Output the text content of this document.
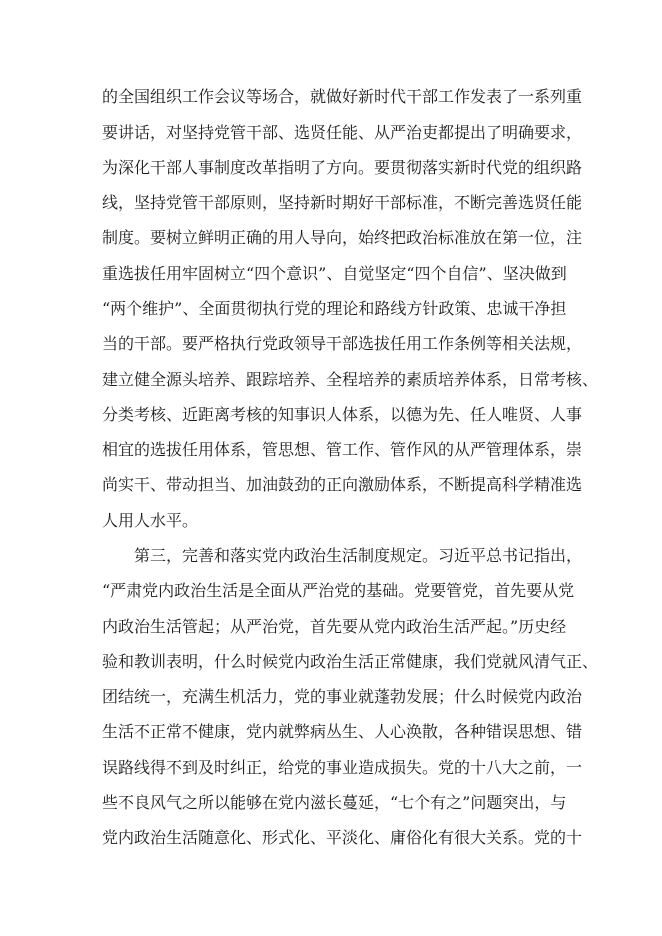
的全国组织工作会议等场合，就做好新时代干部工作发表了一系列重
要讲话，对坚持党管干部、选贤任能、从严治吏都提出了明确要求，
为深化干部人事制度改革指明了方向。要贯彻落实新时代党的组织路
线，坚持党管干部原则，坚持新时期好干部标准，不断完善选贤任能
制度。要树立鲜明正确的用人导向，始终把政治标准放在第一位，注
重选拔任用牢固树立“四个意识”、自觉坚定“四个自信”、坚决做到
“两个维护”、全面贯彻执行党的理论和路线方针政策、忠诚干净担
当的干部。要严格执行党政领导干部选拔任用工作条例等相关法规，
建立健全源头培养、跟踪培养、全程培养的素质培养体系，日常考核、
分类考核、近距离考核的知事识人体系，以德为先、任人唯贤、人事
相宜的选拔任用体系，管思想、管工作、管作风的从严管理体系，崇
尚实干、带动担当、加油鼓劲的正向激励体系，不断提高科学精准选
人用人水平。
第三，完善和落实党内政治生活制度规定。习近平总书记指出，
“严肃党内政治生活是全面从严治党的基础。党要管党，首先要从党
内政治生活管起；从严治党，首先要从党内政治生活严起。”历史经
验和教训表明，什么时候党内政治生活正常健康，我们党就风清气正、
团结统一，充满生机活力，党的事业就蓬勃发展；什么时候党内政治
生活不正常不健康，党内就弊病丛生、人心涣散，各种错误思想、错
误路线得不到及时纠正，给党的事业造成损失。党的十八大之前，一
些不良风气之所以能够在党内滋长蔓延，“七个有之”问题突出，与
党内政治生活随意化、形式化、平淡化、庸俗化有很大关系。党的十
